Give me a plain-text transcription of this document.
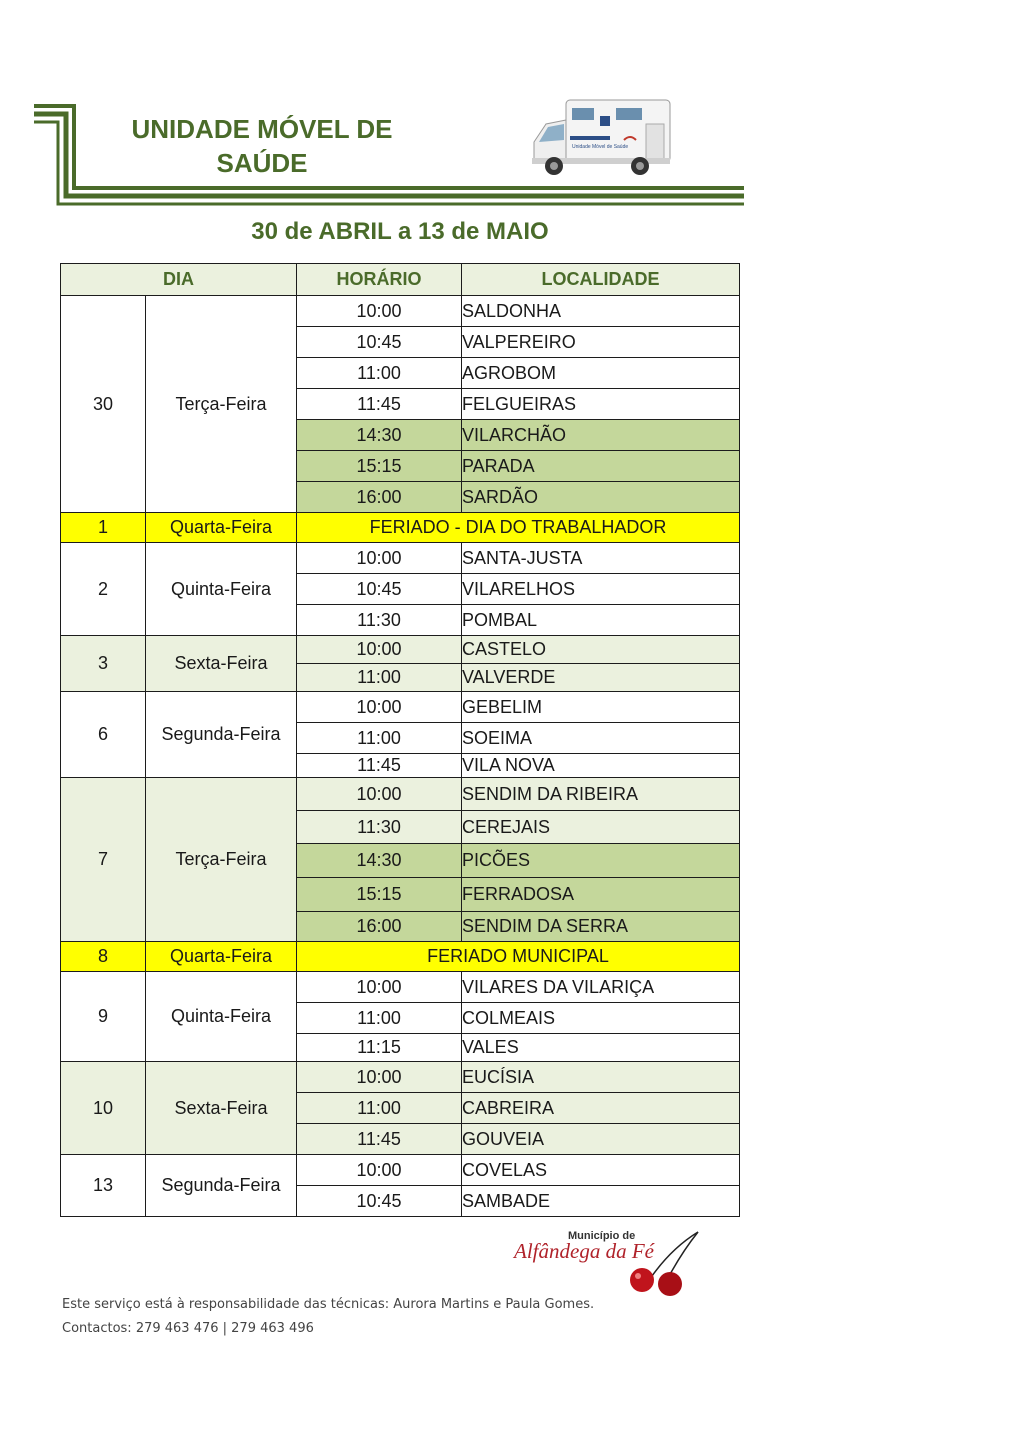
UNIDADE MÓVEL DE
SAÚDE
Unidade Móvel de Saúde
30 de ABRIL a 13 de MAIO
DIA		HORÁRIO	LOCALIDADE
30	Terça-Feira	10:00	SALDONHA
		10:45	VALPEREIRO
		11:00	AGROBOM
		11:45	FELGUEIRAS
		14:30	VILARCHÃO
		15:15	PARADA
		16:00	SARDÃO
1	Quarta-Feira	FERIADO - DIA DO TRABALHADOR	
2	Quinta-Feira	10:00	SANTA-JUSTA
		10:45	VILARELHOS
		11:30	POMBAL
3	Sexta-Feira	10:00	CASTELO
		11:00	VALVERDE
6	Segunda-Feira	10:00	GEBELIM
		11:00	SOEIMA
		11:45	VILA NOVA
7	Terça-Feira	10:00	SENDIM DA RIBEIRA
		11:30	CEREJAIS
		14:30	PICÕES
		15:15	FERRADOSA
		16:00	SENDIM DA SERRA
8	Quarta-Feira	FERIADO MUNICIPAL	
9	Quinta-Feira	10:00	VILARES DA VILARIÇA
		11:00	COLMEAIS
		11:15	VALES
10	Sexta-Feira	10:00	EUCÍSIA
		11:00	CABREIRA
		11:45	GOUVEIA
13	Segunda-Feira	10:00	COVELAS
		10:45	SAMBADE
Município de
Alfândega da Fé
Este serviço está à responsabilidade das técnicas: Aurora Martins e Paula Gomes.
Contactos: 279 463 476 | 279 463 496
